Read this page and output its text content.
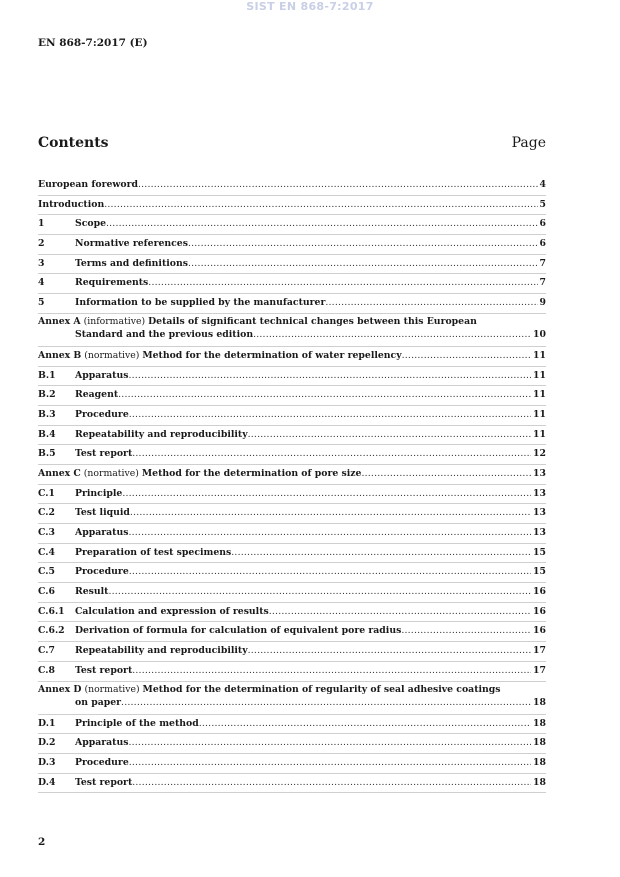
SIST EN 868-7:2017
EN 868-7:2017 (E)
Contents	Page
European foreword .....	4
Introduction .....	5
1	Scope .....	6
2	Normative references .....	6
3	Terms and definitions .....	7
4	Requirements .....	7
5	Information to be supplied by the manufacturer .....	9
Annex A (informative) Details of significant technical changes between this European
Standard and the previous edition .....	10
Annex B (normative) Method for the determination of water repellency .....	11
B.1	Apparatus .....	11
B.2	Reagent .....	11
B.3	Procedure .....	11
B.4	Repeatability and reproducibility .....	11
B.5	Test report .....	12
Annex C (normative) Method for the determination of pore size .....	13
C.1	Principle .....	13
C.2	Test liquid .....	13
C.3	Apparatus .....	13
C.4	Preparation of test specimens .....	15
C.5	Procedure .....	15
C.6	Result .....	16
C.6.1	Calculation and expression of results .....	16
C.6.2	Derivation of formula for calculation of equivalent pore radius .....	16
C.7	Repeatability and reproducibility .....	17
C.8	Test report .....	17
Annex D (normative) Method for the determination of regularity of seal adhesive coatings
on paper .....	18
D.1	Principle of the method .....	18
D.2	Apparatus .....	18
D.3	Procedure .....	18
D.4	Test report .....	18
2
